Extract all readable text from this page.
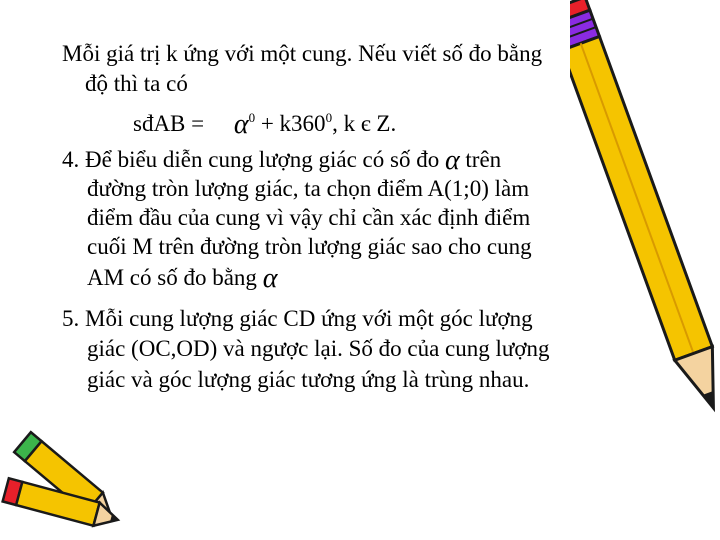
Mỗi giá trị k ứng với một cung. Nếu viết số đo bằng
độ thì ta có
sđAB = $\alpha^0 + k360^0$, k є Z.
4. Để biểu diễn cung lượng giác có số đo α trên
đường tròn lượng giác, ta chọn điểm A(1;0) làm
điểm đầu của cung vì vậy chỉ cần xác định điểm
cuối M trên đường tròn lượng giác sao cho cung
AM có số đo bằng α
5. Mỗi cung lượng giác CD ứng với một góc lượng
giác (OC,OD) và ngược lại. Số đo của cung lượng
giác và góc lượng giác tương ứng là trùng nhau.
